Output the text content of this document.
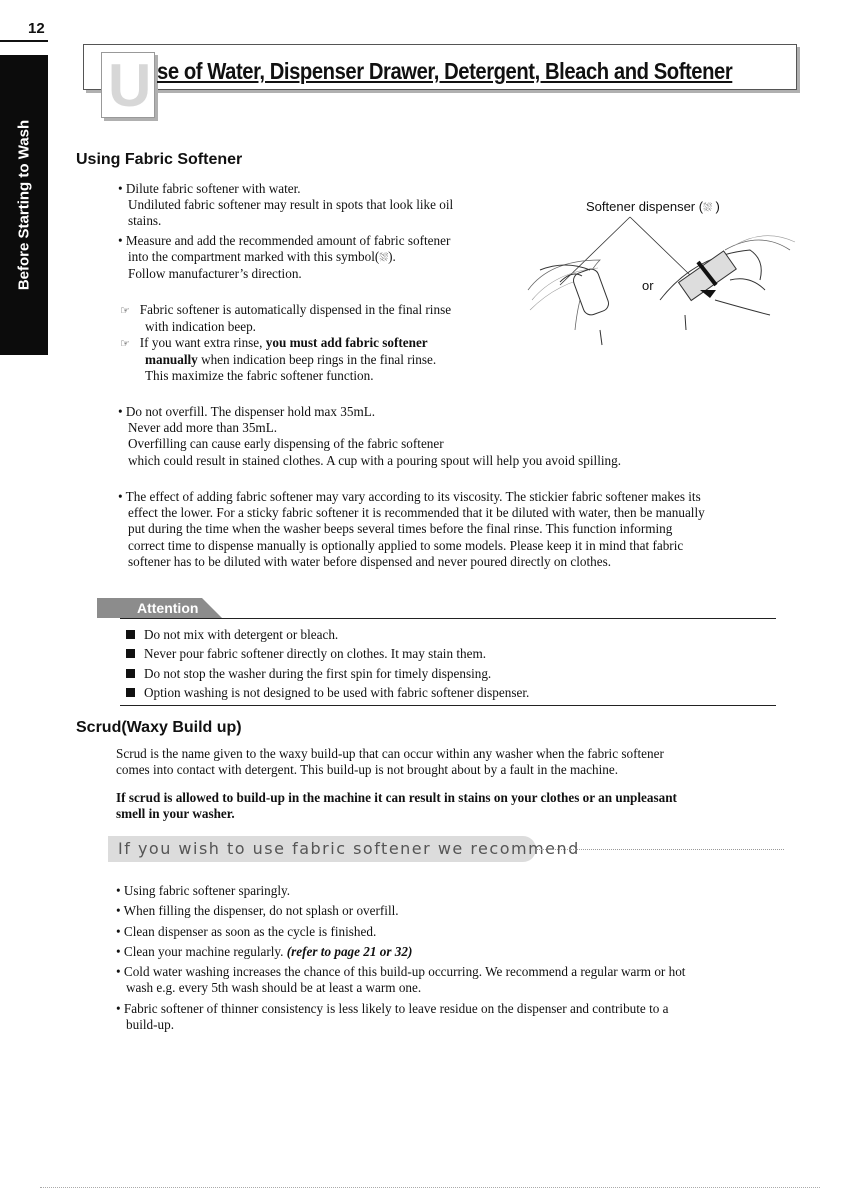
12
Before Starting to Wash
U se of Water, Dispenser Drawer, Detergent, Bleach and Softener
Using Fabric Softener
• Dilute fabric softener with water.
Undiluted fabric softener may result in spots that look like oil
stains.
• Measure and add the recommended amount of fabric softener
into the compartment marked with this symbol(⛆).
Follow manufacturer’s direction.
☞ Fabric softener is automatically dispensed in the final rinse
with indication beep.
☞ If you want extra rinse, you must add fabric softener
manually when indication beep rings in the final rinse.
This maximize the fabric softener function.
• Do not overfill. The dispenser hold max 35mL.
Never add more than 35mL.
Overfilling can cause early dispensing of the fabric softener
which could result in stained clothes. A cup with a pouring spout will help you avoid spilling.
• The effect of adding fabric softener may vary according to its viscosity. The stickier fabric softener makes its
effect the lower. For a sticky fabric softener it is recommended that it be diluted with water, then be manually
put during the time when the washer beeps several times before the final rinse. This function informing
correct time to dispense manually is optionally applied to some models. Please keep it in mind that fabric
softener has to be diluted with water before dispensed and never poured directly on clothes.
Softener dispenser (⛆ )
or
Attention
Do not mix with detergent or bleach.
Never pour fabric softener directly on clothes. It may stain them.
Do not stop the washer during the first spin for timely dispensing.
Option washing is not designed to be used with fabric softener dispenser.
Scrud(Waxy Build up)
Scrud is the name given to the waxy build-up that can occur within any washer when the fabric softener
comes into contact with detergent. This build-up is not brought about by a fault in the machine.
If scrud is allowed to build-up in the machine it can result in stains on your clothes or an unpleasant
smell in your washer.
If you wish to use fabric softener we recommend
• Using fabric softener sparingly.
• When filling the dispenser, do not splash or overfill.
• Clean dispenser as soon as the cycle is finished.
• Clean your machine regularly. (refer to page 21 or 32)
• Cold water washing increases the chance of this build-up occurring. We recommend a regular warm or hot
wash e.g. every 5th wash should be at least a warm one.
• Fabric softener of thinner consistency is less likely to leave residue on the dispenser and contribute to a
build-up.
